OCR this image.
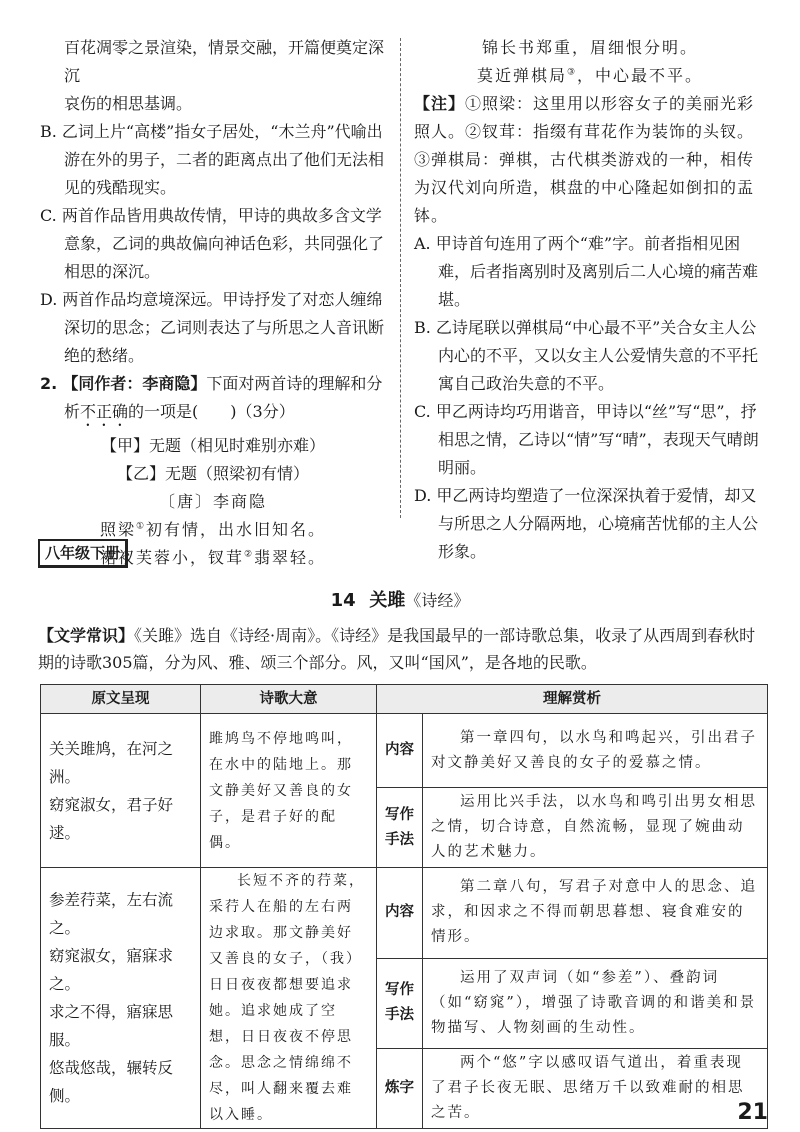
百花凋零之景渲染，情景交融，开篇便奠定深沉
哀伤的相思基调。

B. 乙词上片“高楼”指女子居处，“木兰舟”代喻出游在外的男子，二者的距离点出了他们无法相见的残酷现实。

C. 两首作品皆用典故传情，甲诗的典故多含文学意象，乙词的典故偏向神话色彩，共同强化了相思的深沉。

D. 两首作品均意境深远。甲诗抒发了对恋人缠绵深切的思念；乙词则表达了与所思之人音讯断绝的愁绪。

2. 【同作者：李商隐】下面对两首诗的理解和分析不正确的一项是(　　)（3分）

【甲】无题（相见时难别亦难）
【乙】无题（照梁初有情）
〔唐〕李商隐
照梁①初有情，出水旧知名。
裙衩芙蓉小，钗茸②翡翠轻。
锦长书郑重，眉细恨分明。
莫近弹棋局③，中心最不平。

【注】①照梁：这里用以形容女子的美丽光彩照人。②钗茸：指缀有茸花作为装饰的头钗。③弹棋局：弹棋，古代棋类游戏的一种，相传为汉代刘向所造，棋盘的中心隆起如倒扣的盂钵。

A. 甲诗首句连用了两个“难”字。前者指相见困难，后者指离别时及离别后二人心境的痛苦难堪。

B. 乙诗尾联以弹棋局“中心最不平”关合女主人公内心的不平，又以女主人公爱情失意的不平托寓自己政治失意的不平。

C. 甲乙两诗均巧用谐音，甲诗以“丝”写“思”，抒相思之情，乙诗以“情”写“晴”，表现天气晴朗明丽。

D. 甲乙两诗均塑造了一位深深执着于爱情，却又与所思之人分隔两地，心境痛苦忧郁的主人公形象。

八年级下册
14 关雎《诗经》
【文学常识】《关雎》选自《诗经·周南》。《诗经》是我国最早的一部诗歌总集，收录了从西周到春秋时期的诗歌305篇，分为风、雅、颂三个部分。风，又叫“国风”，是各地的民歌。
原文呈现	诗歌大意	理解赏析	

关关雎鸠，在河之洲。
窈窕淑女，君子好逑。	雎鸠鸟不停地鸣叫，在水中的陆地上。那文静美好又善良的女子，是君子好的配偶。	内容	第一章四句，以水鸟和鸣起兴，引出君子对文静美好又善良的女子的爱慕之情。
		写作手法	运用比兴手法，以水鸟和鸣引出男女相思之情，切合诗意，自然流畅，显现了婉曲动人的艺术魅力。

参差荇菜，左右流之。
窈窕淑女，寤寐求之。
求之不得，寤寐思服。
悠哉悠哉，辗转反侧。	长短不齐的荇菜，采荇人在船的左右两边求取。那文静美好又善良的女子，（我）日日夜夜都想要追求她。追求她成了空想，日日夜夜不停思念。思念之情绵绵不尽，叫人翻来覆去难以入睡。	内容	第二章八句，写君子对意中人的思念、追求，和因求之不得而朝思暮想、寝食难安的情形。
		写作手法	运用了双声词（如“参差”）、叠韵词（如“窈窕”），增强了诗歌音调的和谐美和景物描写、人物刻画的生动性。
		炼字	两个“悠”字以感叹语气道出，着重表现了君子长夜无眠、思绪万千以致难耐的相思之苦。	21
